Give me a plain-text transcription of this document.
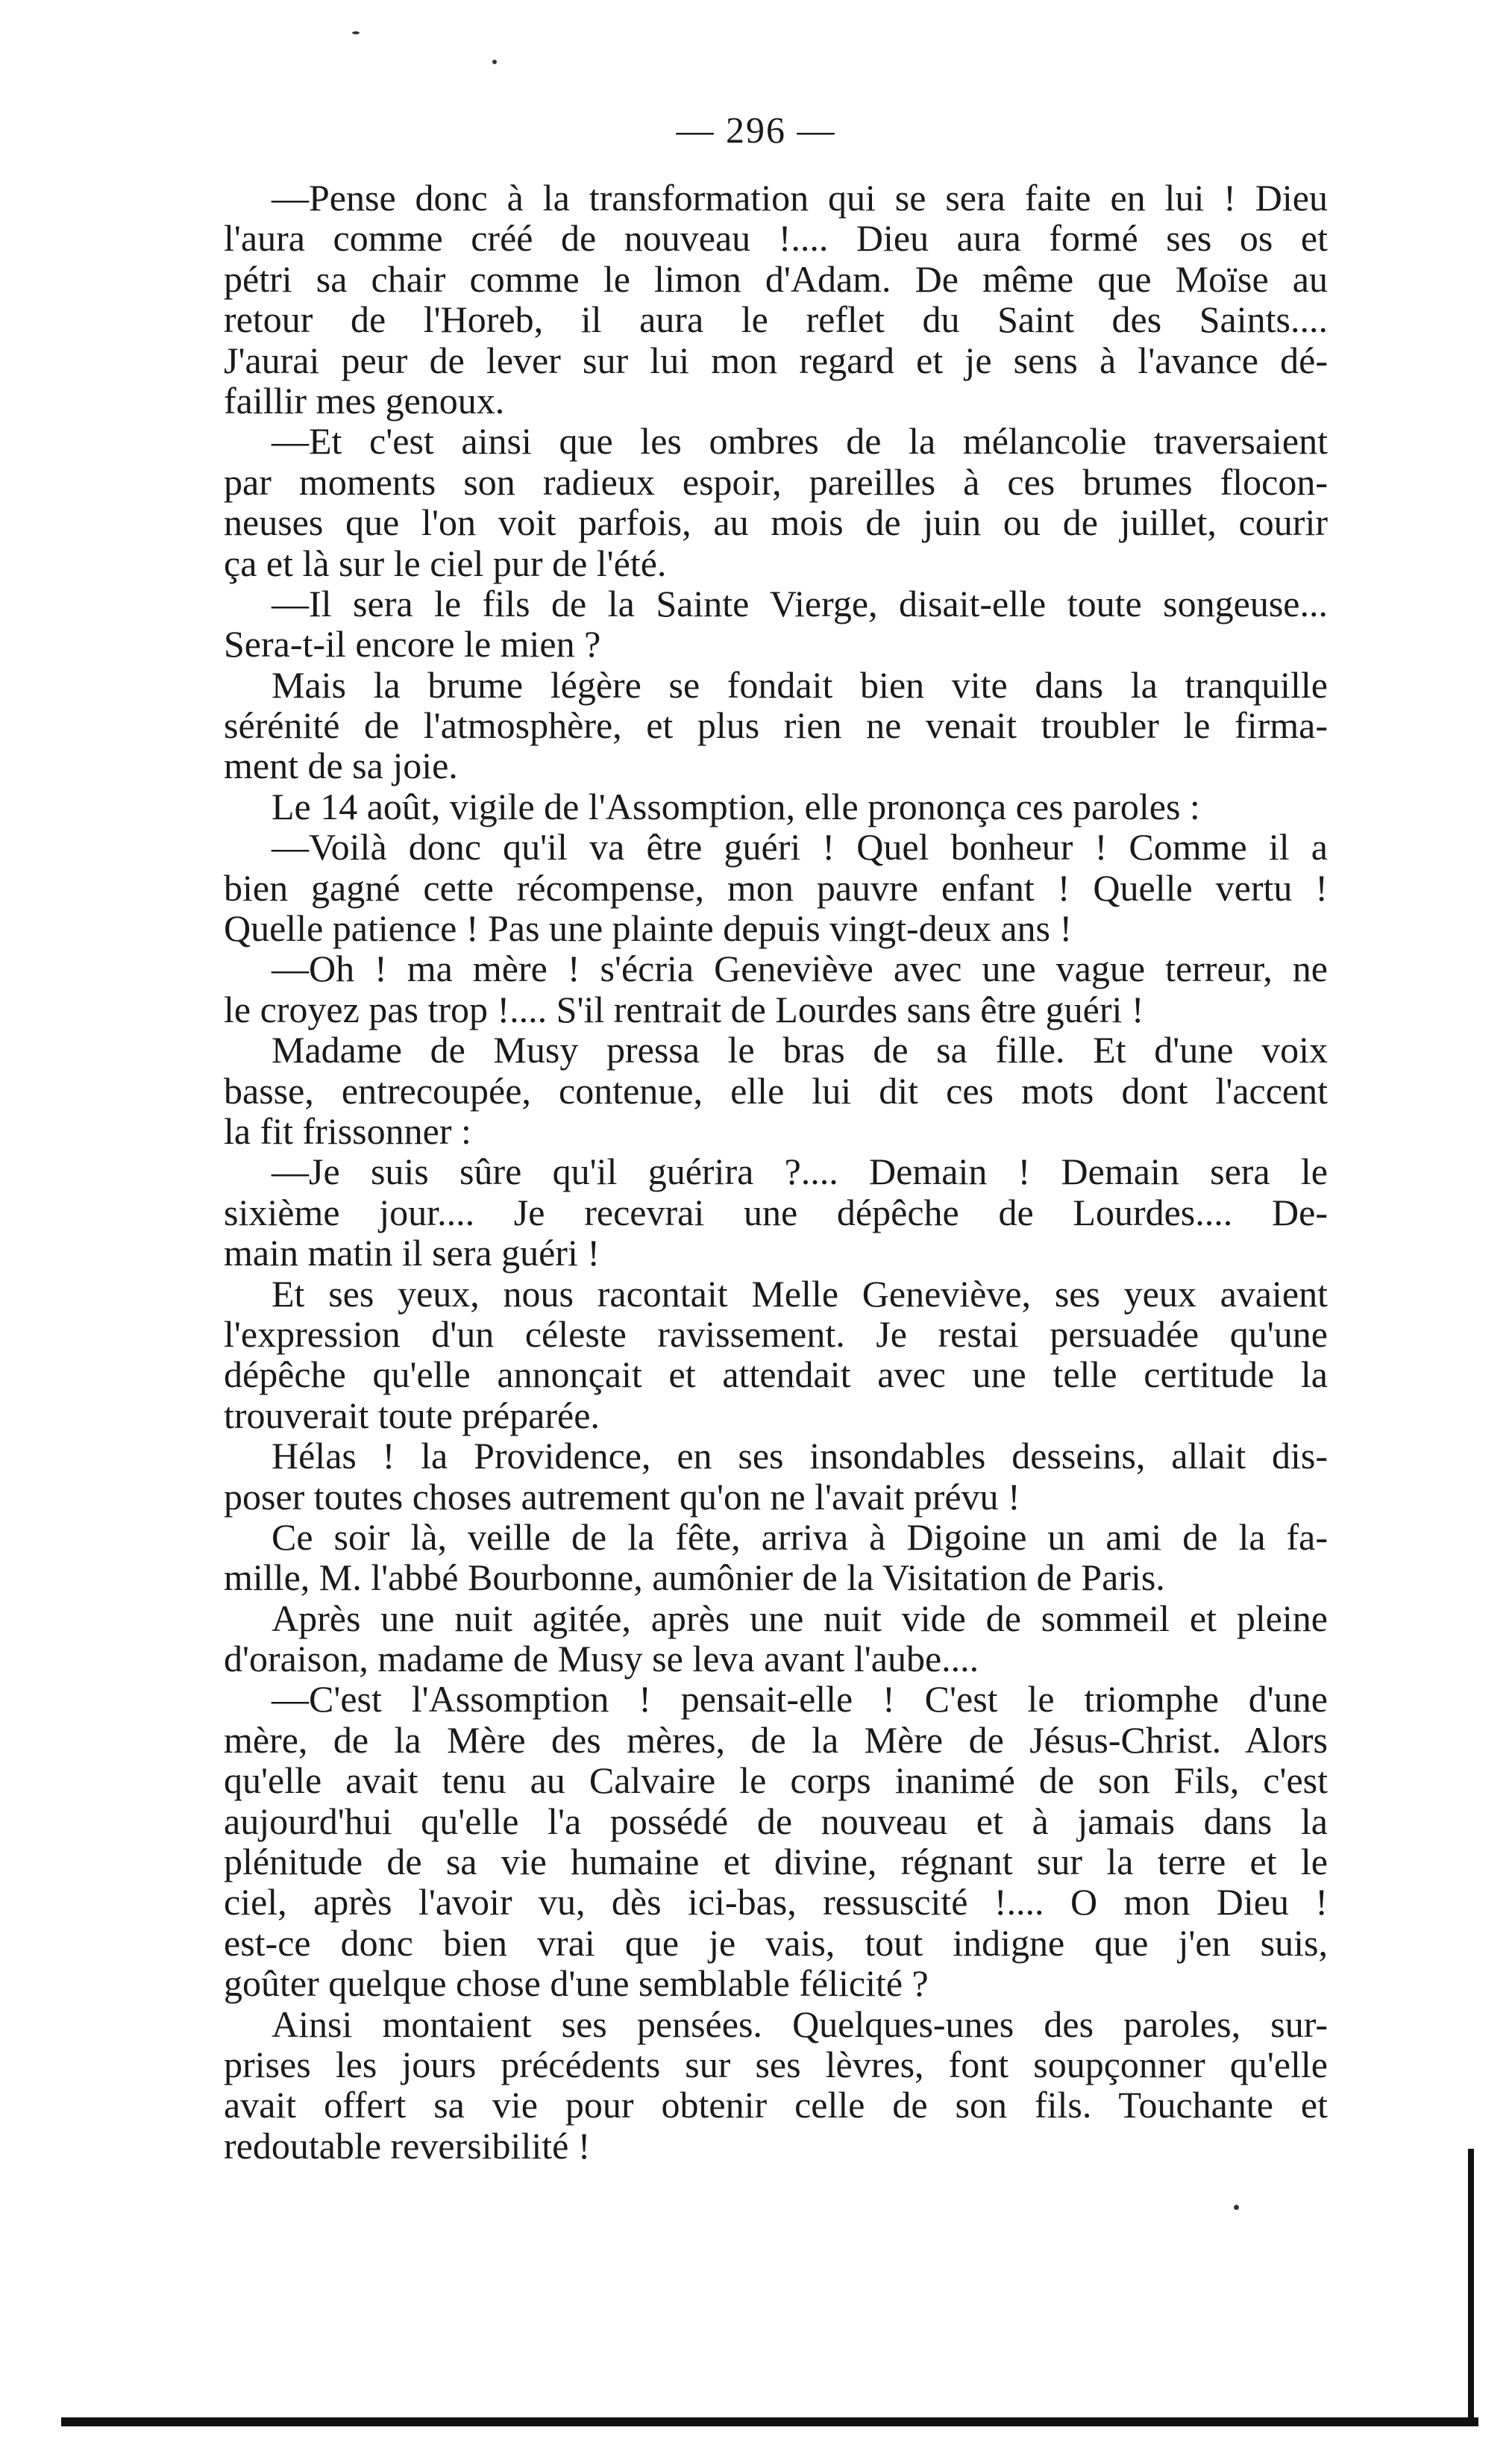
— 296 —
—Pense donc à la transformation qui se sera faite en lui ! Dieu
l'aura comme créé de nouveau !.... Dieu aura formé ses os et
pétri sa chair comme le limon d'Adam. De même que Moïse au
retour de l'Horeb, il aura le reflet du Saint des Saints....
J'aurai peur de lever sur lui mon regard et je sens à l'avance dé-
faillir mes genoux.
—Et c'est ainsi que les ombres de la mélancolie traversaient
par moments son radieux espoir, pareilles à ces brumes flocon-
neuses que l'on voit parfois, au mois de juin ou de juillet, courir
ça et là sur le ciel pur de l'été.
—Il sera le fils de la Sainte Vierge, disait-elle toute songeuse...
Sera-t-il encore le mien ?
Mais la brume légère se fondait bien vite dans la tranquille
sérénité de l'atmosphère, et plus rien ne venait troubler le firma-
ment de sa joie.
Le 14 août, vigile de l'Assomption, elle prononça ces paroles :
—Voilà donc qu'il va être guéri ! Quel bonheur ! Comme il a
bien gagné cette récompense, mon pauvre enfant ! Quelle vertu !
Quelle patience ! Pas une plainte depuis vingt-deux ans !
—Oh ! ma mère ! s'écria Geneviève avec une vague terreur, ne
le croyez pas trop !.... S'il rentrait de Lourdes sans être guéri !
Madame de Musy pressa le bras de sa fille. Et d'une voix
basse, entrecoupée, contenue, elle lui dit ces mots dont l'accent
la fit frissonner :
—Je suis sûre qu'il guérira ?.... Demain ! Demain sera le
sixième jour.... Je recevrai une dépêche de Lourdes.... De-
main matin il sera guéri !
Et ses yeux, nous racontait Melle Geneviève, ses yeux avaient
l'expression d'un céleste ravissement. Je restai persuadée qu'une
dépêche qu'elle annonçait et attendait avec une telle certitude la
trouverait toute préparée.
Hélas ! la Providence, en ses insondables desseins, allait dis-
poser toutes choses autrement qu'on ne l'avait prévu !
Ce soir là, veille de la fête, arriva à Digoine un ami de la fa-
mille, M. l'abbé Bourbonne, aumônier de la Visitation de Paris.
Après une nuit agitée, après une nuit vide de sommeil et pleine
d'oraison, madame de Musy se leva avant l'aube....
—C'est l'Assomption ! pensait-elle ! C'est le triomphe d'une
mère, de la Mère des mères, de la Mère de Jésus-Christ. Alors
qu'elle avait tenu au Calvaire le corps inanimé de son Fils, c'est
aujourd'hui qu'elle l'a possédé de nouveau et à jamais dans la
plénitude de sa vie humaine et divine, régnant sur la terre et le
ciel, après l'avoir vu, dès ici-bas, ressuscité !.... O mon Dieu !
est-ce donc bien vrai que je vais, tout indigne que j'en suis,
goûter quelque chose d'une semblable félicité ?
Ainsi montaient ses pensées. Quelques-unes des paroles, sur-
prises les jours précédents sur ses lèvres, font soupçonner qu'elle
avait offert sa vie pour obtenir celle de son fils. Touchante et
redoutable reversibilité !
